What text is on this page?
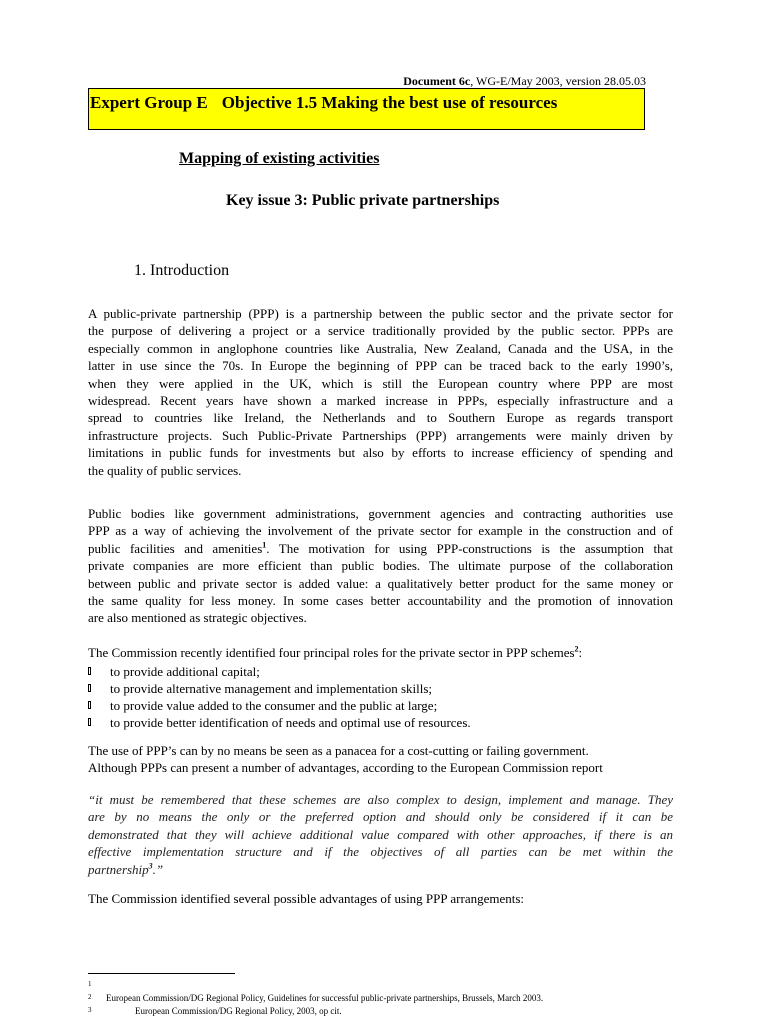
Document 6c, WG-E/May 2003, version 28.05.03
Expert Group E Objective 1.5 Making the best use of resources
Mapping of existing activities
Key issue 3: Public private partnerships
1. Introduction

A public-private partnership (PPP) is a partnership between the public sector and the private sector for
the purpose of delivering a project or a service traditionally provided by the public sector. PPPs are
especially common in anglophone countries like Australia, New Zealand, Canada and the USA, in the
latter in use since the 70s. In Europe the beginning of PPP can be traced back to the early 1990’s,
when they were applied in the UK, which is still the European country where PPP are most
widespread. Recent years have shown a marked increase in PPPs, especially infrastructure and a
spread to countries like Ireland, the Netherlands and to Southern Europe as regards transport
infrastructure projects. Such Public-Private Partnerships (PPP) arrangements were mainly driven by
limitations in public funds for investments but also by efforts to increase efficiency of spending and
the quality of public services.

Public bodies like government administrations, government agencies and contracting authorities use
PPP as a way of achieving the involvement of the private sector for example in the construction and of
public facilities and amenities$^1$. The motivation for using PPP-constructions is the assumption that
private companies are more efficient than public bodies. The ultimate purpose of the collaboration
between public and private sector is added value: a qualitatively better product for the same money or
the same quality for less money. In some cases better accountability and the promotion of innovation
are also mentioned as strategic objectives.

The Commission recently identified four principal roles for the private sector in PPP schemes$^2$:

to provide additional capital;
to provide alternative management and implementation skills;
to provide value added to the consumer and the public at large;
to provide better identification of needs and optimal use of resources.

The use of PPP’s can by no means be seen as a panacea for a cost-cutting or failing government.
Although PPPs can present a number of advantages, according to the European Commission report

“it must be remembered that these schemes are also complex to design, implement and manage. They
are by no means the only or the preferred option and should only be considered if it can be
demonstrated that they will achieve additional value compared with other approaches, if there is an
effective implementation structure and if the objectives of all parties can be met within the
partnership$^3$.”

The Commission identified several possible advantages of using PPP arrangements:

1
2 European Commission/DG Regional Policy, Guidelines for successful public-private partnerships, Brussels, March 2003.
3	European Commission/DG Regional Policy, 2003, op cit.
